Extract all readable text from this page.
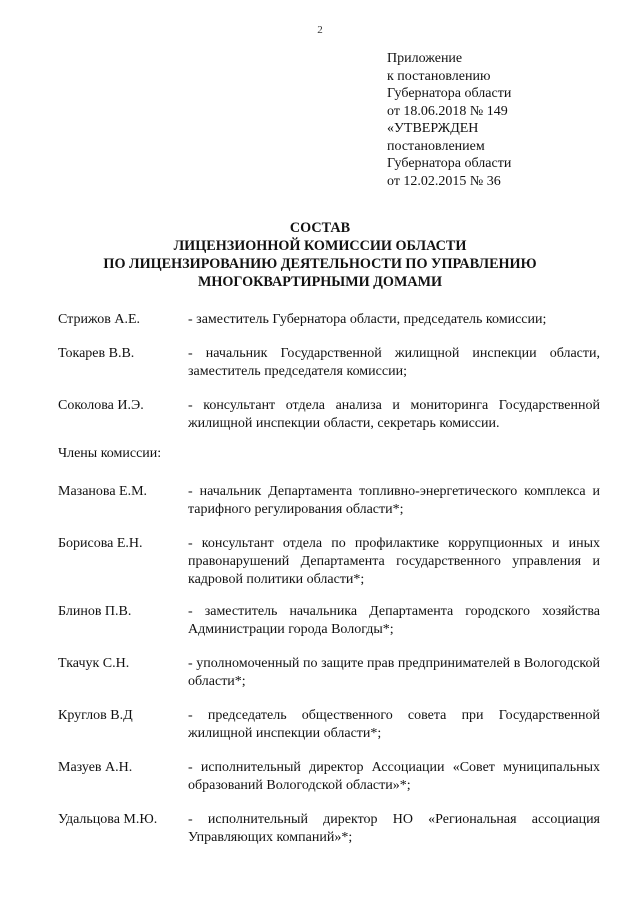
2
Приложение
к постановлению
Губернатора области
от 18.06.2018 № 149
«УТВЕРЖДЕН
постановлением
Губернатора области
от 12.02.2015 № 36
СОСТАВ
ЛИЦЕНЗИОННОЙ КОМИССИИ ОБЛАСТИ
ПО ЛИЦЕНЗИРОВАНИЮ ДЕЯТЕЛЬНОСТИ ПО УПРАВЛЕНИЮ
МНОГОКВАРТИРНЫМИ ДОМАМИ
Стрижов А.Е.	- заместитель Губернатора области, председатель комиссии;
Токарев В.В.	- начальник Государственной жилищной инспекции области, заместитель председателя комиссии;
Соколова И.Э.	- консультант отдела анализа и мониторинга Государственной жилищной инспекции области, секретарь комиссии.
Члены комиссии:
Мазанова Е.М.	- начальник Департамента топливно-энергетического комплекса и тарифного регулирования области*;
Борисова Е.Н.	- консультант отдела по профилактике коррупционных и иных правонарушений Департамента государственного управления и кадровой политики области*;
Блинов П.В.	- заместитель начальника Департамента городского хозяйства Администрации города Вологды*;
Ткачук С.Н.	- уполномоченный по защите прав предпринимателей в Вологодской области*;
Круглов В.Д	- председатель общественного совета при Государственной жилищной инспекции области*;
Мазуев А.Н.	- исполнительный директор Ассоциации «Совет муниципальных образований Вологодской области»*;
Удальцова М.Ю. - исполнительный директор НО «Региональная ассоциация Управляющих компаний»*;
